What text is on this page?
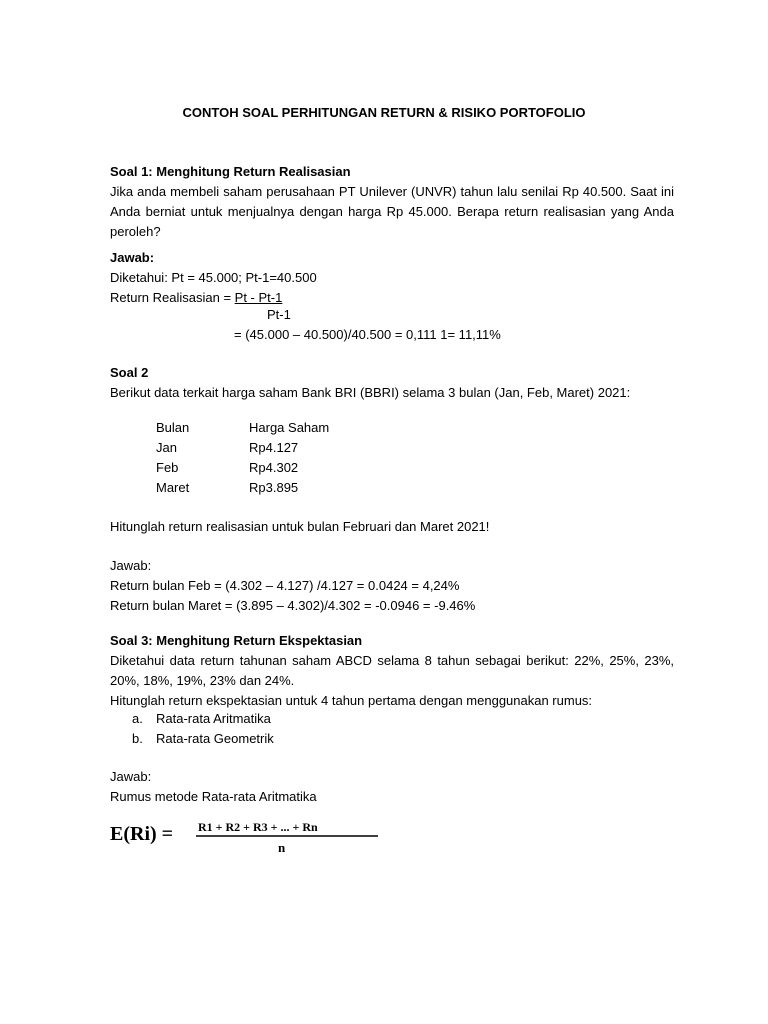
CONTOH SOAL PERHITUNGAN RETURN & RISIKO PORTOFOLIO
Soal 1: Menghitung Return Realisasian
Jika anda membeli saham perusahaan PT Unilever (UNVR) tahun lalu senilai Rp 40.500. Saat ini Anda berniat untuk menjualnya dengan harga Rp 45.000. Berapa return realisasian yang Anda peroleh?
Jawab:
Diketahui: Pt = 45.000; Pt-1=40.500
Return Realisasian = Pt - Pt-1
Pt-1
= (45.000 – 40.500)/40.500 = 0,111 1= 11,11%
Soal 2
Berikut data terkait harga saham Bank BRI (BBRI) selama 3 bulan (Jan, Feb, Maret) 2021:
Bulan	Harga Saham
Jan	Rp4.127
Feb	Rp4.302
Maret	Rp3.895
Hitunglah return realisasian untuk bulan Februari dan Maret 2021!
Jawab:
Return bulan Feb = (4.302 – 4.127) /4.127 = 0.0424 = 4,24%
Return bulan Maret = (3.895 – 4.302)/4.302 = -0.0946 = -9.46%
Soal 3: Menghitung Return Ekspektasian
Diketahui data return tahunan saham ABCD selama 8 tahun sebagai berikut: 22%, 25%, 23%, 20%, 18%, 19%, 23% dan 24%.
Hitunglah return ekspektasian untuk 4 tahun pertama dengan menggunakan rumus:
a.	Rata-rata Aritmatika
b.	Rata-rata Geometrik
Jawab:
Rumus metode Rata-rata Aritmatika
E(Ri) = R1 + R2 + R3 + ... + Rn
n
